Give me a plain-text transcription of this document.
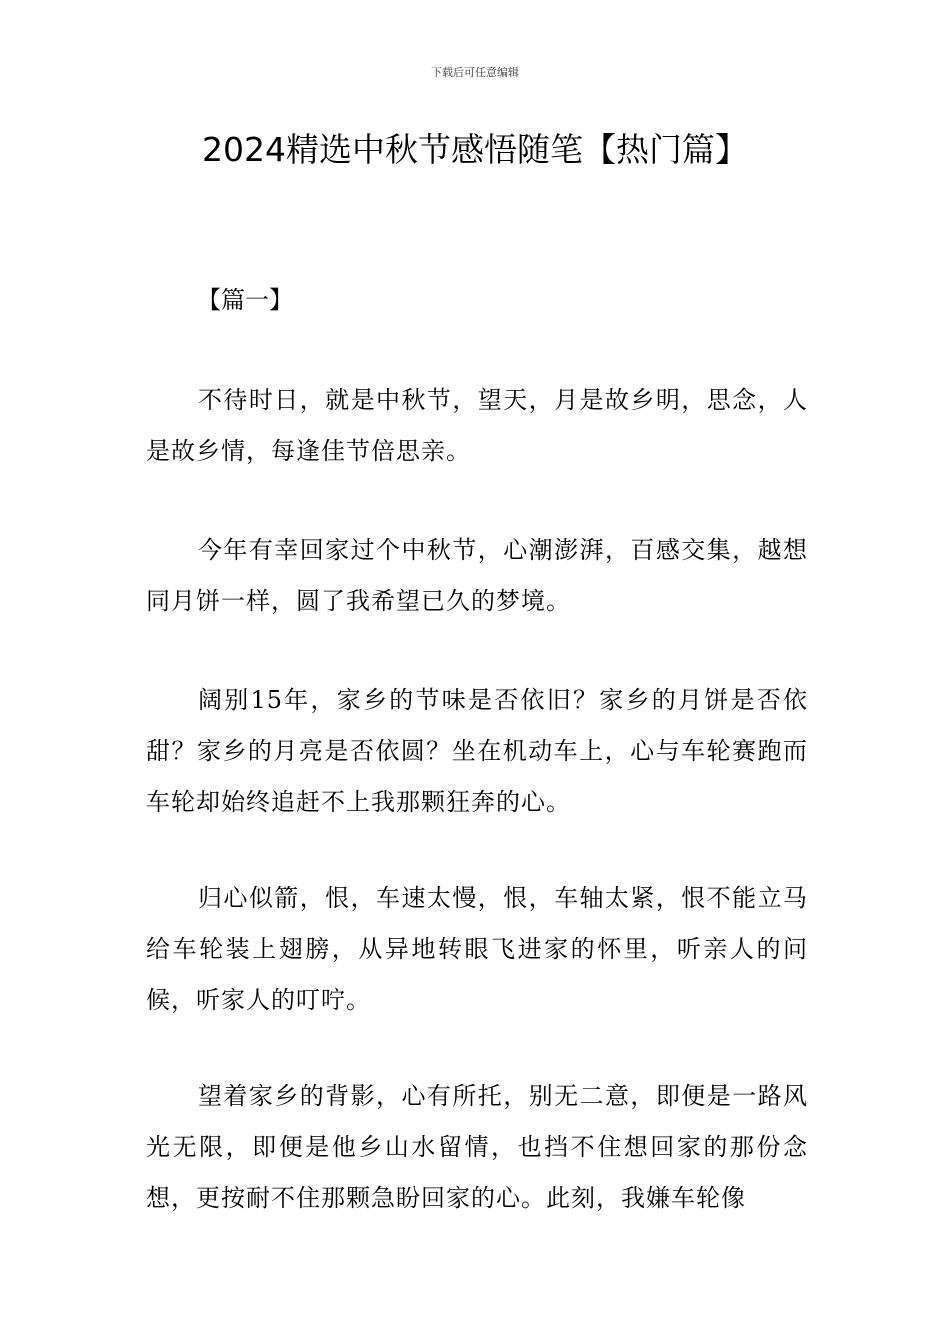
下载后可任意编辑
2024精选中秋节感悟随笔【热门篇】

【篇一】

不待时日，就是中秋节，望天，月是故乡明，思念，人是故乡情，每逢佳节倍思亲。

今年有幸回家过个中秋节，心潮澎湃，百感交集，越想同月饼一样，圆了我希望已久的梦境。

阔别15年，家乡的节味是否依旧？家乡的月饼是否依甜？家乡的月亮是否依圆？坐在机动车上，心与车轮赛跑而车轮却始终追赶不上我那颗狂奔的心。

归心似箭，恨，车速太慢，恨，车轴太紧，恨不能立马给车轮装上翅膀，从异地转眼飞进家的怀里，听亲人的问候，听家人的叮咛。

望着家乡的背影，心有所托，别无二意，即便是一路风光无限，即便是他乡山水留情，也挡不住想回家的那份念想，更按耐不住那颗急盼回家的心。此刻，我嫌车轮像
